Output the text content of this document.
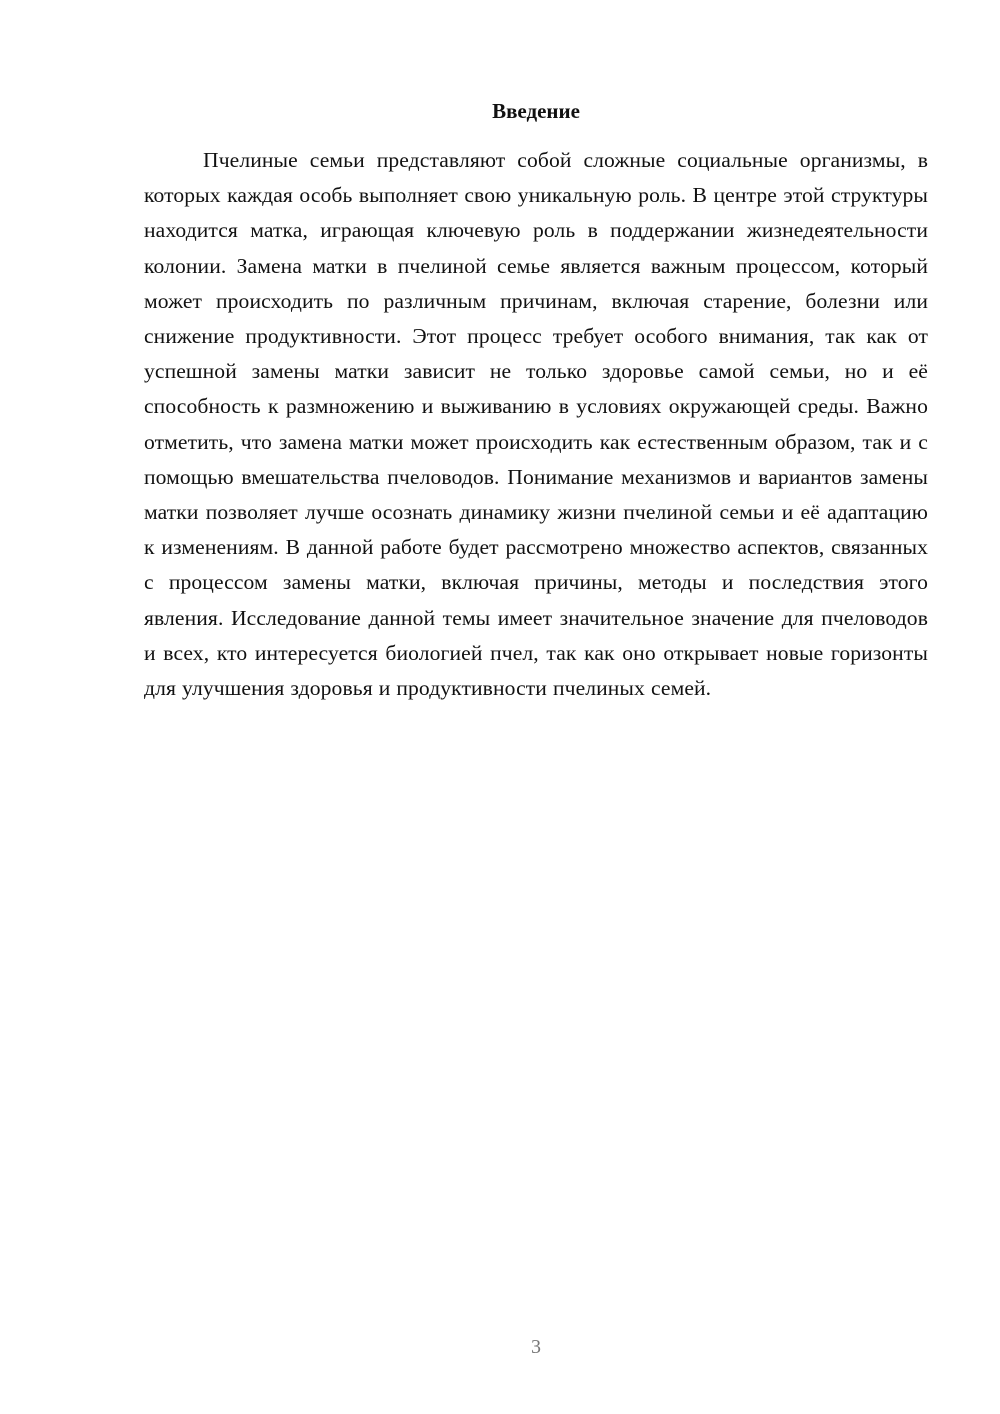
Введение

Пчелиные семьи представляют собой сложные социальные организмы, в которых каждая особь выполняет свою уникальную роль. В центре этой структуры находится матка, играющая ключевую роль в поддержании жизнедеятельности колонии. Замена матки в пчелиной семье является важным процессом, который может происходить по различным причинам, включая старение, болезни или снижение продуктивности. Этот процесс требует особого внимания, так как от успешной замены матки зависит не только здоровье самой семьи, но и её способность к размножению и выживанию в условиях окружающей среды. Важно отметить, что замена матки может происходить как естественным образом, так и с помощью вмешательства пчеловодов. Понимание механизмов и вариантов замены матки позволяет лучше осознать динамику жизни пчелиной семьи и её адаптацию к изменениям. В данной работе будет рассмотрено множество аспектов, связанных с процессом замены матки, включая причины, методы и последствия этого явления. Исследование данной темы имеет значительное значение для пчеловодов и всех, кто интересуется биологией пчел, так как оно открывает новые горизонты для улучшения здоровья и продуктивности пчелиных семей.

3
